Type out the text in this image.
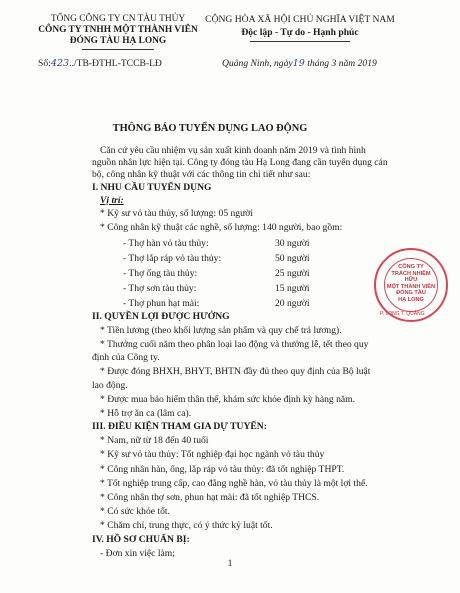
TỔNG CÔNG TY CN TÀU THỦY
CÔNG TY TNHH MỘT THÀNH VIÊN
ĐÓNG TÀU HẠ LONG
Số:423../TB-ĐTHL-TCCB-LĐ
CỘNG HÒA XÃ HỘI CHỦ NGHĨA VIỆT NAM
Độc lập - Tự do - Hạnh phúc
Quảng Ninh, ngày19 tháng 3 năm 2019
THÔNG BÁO TUYỂN DỤNG LAO ĐỘNG
Căn cứ yêu cầu nhiệm vụ sản xuất kinh doanh năm 2019 và tình hình
nguồn nhân lực hiện tại. Công ty đóng tàu Hạ Long đang cần tuyển dụng cán
bộ, công nhân kỹ thuật với các thông tin chi tiết như sau:
I. NHU CẦU TUYỂN DỤNG
Vị trí:
* Kỹ sư vỏ tàu thủy, số lượng: 05 người
* Công nhân kỹ thuật các nghề, số lượng: 140 người, bao gồm:
- Thợ hàn vỏ tàu thủy:	30 người
- Thợ lắp ráp vỏ tàu thủy:	50 người
- Thợ ống tàu thủy:	25 người
- Thợ sơn tàu thủy:	15 người
- Thợ phun hạt mài:	20 người
II. QUYỀN LỢI ĐƯỢC HƯỞNG
* Tiền lương (theo khối lượng sản phẩm và quy chế trả lương).
* Thưởng cuối năm theo phân loại lao động và thưởng lễ, tết theo quy
định của Công ty.
* Được đóng BHXH, BHYT, BHTN đầy đủ theo quy định của Bộ luật
lao động.
* Được mua bảo hiểm thân thể, khám sức khỏe định kỳ hàng năm.
* Hỗ trợ ăn ca (lâm ca).
III. ĐIỀU KIỆN THAM GIA DỰ TUYỂN:
* Nam, nữ từ 18 đến 40 tuổi
* Kỹ sư vỏ tàu thủy: Tốt nghiệp đại học ngành vỏ tàu thủy
* Công nhân hàn, ống, lắp ráp vỏ tàu thủy: đã tốt nghiệp THPT.
* Tốt nghiệp trung cấp, cao đẳng nghề hàn, vỏ tàu thủy là một lợi thế.
* Công nhân thợ sơn, phun hạt mài: đã tốt nghiệp THCS.
* Có sức khỏe tốt.
* Chăm chỉ, trung thực, có ý thức kỷ luật tốt.
IV. HỒ SƠ CHUẨN BỊ:
- Đơn xin việc làm;
1
CÔNG TY
TRÁCH NHIỆM HỮU
MỘT THÀNH VIÊN
ĐÓNG TÀU
HẠ LONG
P. LONG T. QUẢNG
